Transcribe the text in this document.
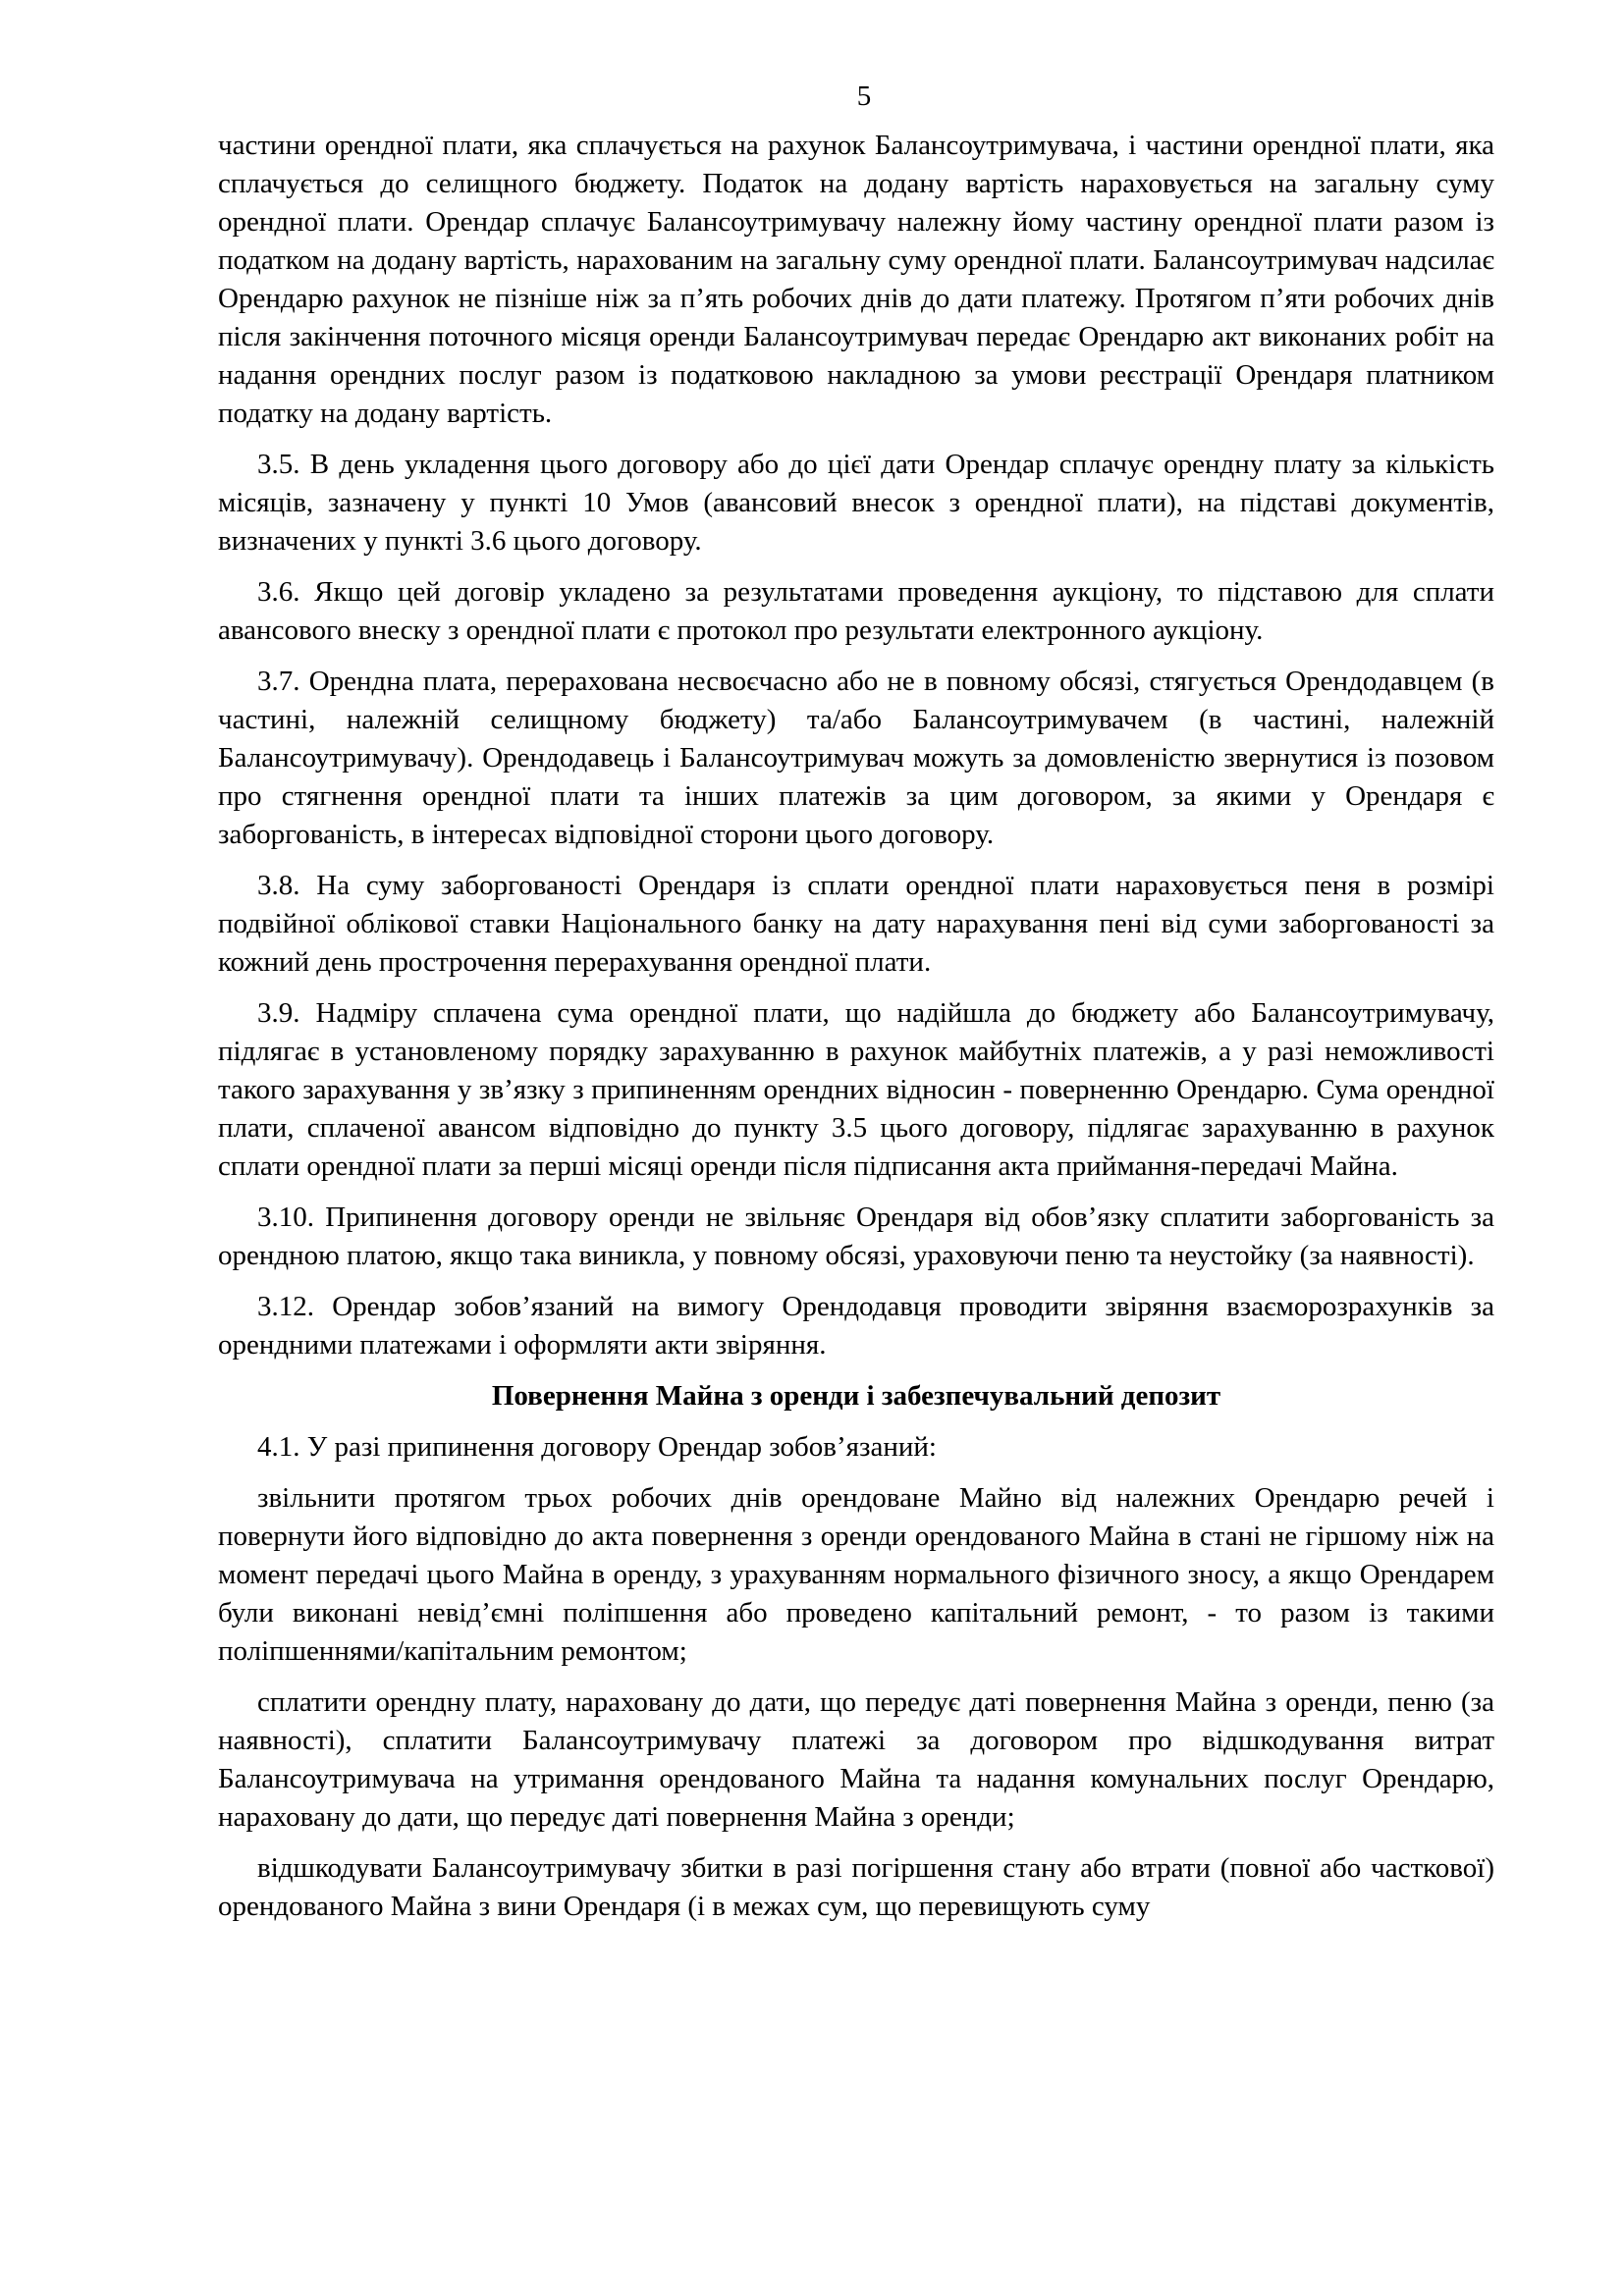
5

частини орендної плати, яка сплачується на рахунок Балансоутримувача, і частини орендної плати, яка сплачується до селищного бюджету. Податок на додану вартість нараховується на загальну суму орендної плати. Орендар сплачує Балансоутримувачу належну йому частину орендної плати разом із податком на додану вартість, нарахованим на загальну суму орендної плати. Балансоутримувач надсилає Орендарю рахунок не пізніше ніж за п’ять робочих днів до дати платежу. Протягом п’яти робочих днів після закінчення поточного місяця оренди Балансоутримувач передає Орендарю акт виконаних робіт на надання орендних послуг разом із податковою накладною за умови реєстрації Орендаря платником податку на додану вартість.

3.5. В день укладення цього договору або до цієї дати Орендар сплачує орендну плату за кількість місяців, зазначену у пункті 10 Умов (авансовий внесок з орендної плати), на підставі документів, визначених у пункті 3.6 цього договору.

3.6. Якщо цей договір укладено за результатами проведення аукціону, то підставою для сплати авансового внеску з орендної плати є протокол про результати електронного аукціону.

3.7. Орендна плата, перерахована несвоєчасно або не в повному обсязі, стягується Орендодавцем (в частині, належній селищному бюджету) та/або Балансоутримувачем (в частині, належній Балансоутримувачу). Орендодавець і Балансоутримувач можуть за домовленістю звернутися із позовом про стягнення орендної плати та інших платежів за цим договором, за якими у Орендаря є заборгованість, в інтересах відповідної сторони цього договору.

3.8. На суму заборгованості Орендаря із сплати орендної плати нараховується пеня в розмірі подвійної облікової ставки Національного банку на дату нарахування пені від суми заборгованості за кожний день прострочення перерахування орендної плати.

3.9. Надміру сплачена сума орендної плати, що надійшла до бюджету або Балансоутримувачу, підлягає в установленому порядку зарахуванню в рахунок майбутніх платежів, а у разі неможливості такого зарахування у зв’язку з припиненням орендних відносин - поверненню Орендарю. Сума орендної плати, сплаченої авансом відповідно до пункту 3.5 цього договору, підлягає зарахуванню в рахунок сплати орендної плати за перші місяці оренди після підписання акта приймання-передачі Майна.

3.10. Припинення договору оренди не звільняє Орендаря від обов’язку сплатити заборгованість за орендною платою, якщо така виникла, у повному обсязі, ураховуючи пеню та неустойку (за наявності).

3.12. Орендар зобов’язаний на вимогу Орендодавця проводити звіряння взаєморозрахунків за орендними платежами і оформляти акти звіряння.

Повернення Майна з оренди і забезпечувальний депозит

4.1. У разі припинення договору Орендар зобов’язаний:

звільнити протягом трьох робочих днів орендоване Майно від належних Орендарю речей і повернути його відповідно до акта повернення з оренди орендованого Майна в стані не гіршому ніж на момент передачі цього Майна в оренду, з урахуванням нормального фізичного зносу, а якщо Орендарем були виконані невід’ємні поліпшення або проведено капітальний ремонт, - то разом із такими поліпшеннями/капітальним ремонтом;

сплатити орендну плату, нараховану до дати, що передує даті повернення Майна з оренди, пеню (за наявності), сплатити Балансоутримувачу платежі за договором про відшкодування витрат Балансоутримувача на утримання орендованого Майна та надання комунальних послуг Орендарю, нараховану до дати, що передує даті повернення Майна з оренди;

відшкодувати Балансоутримувачу збитки в разі погіршення стану або втрати (повної або часткової) орендованого Майна з вини Орендаря (і в межах сум, що перевищують суму
